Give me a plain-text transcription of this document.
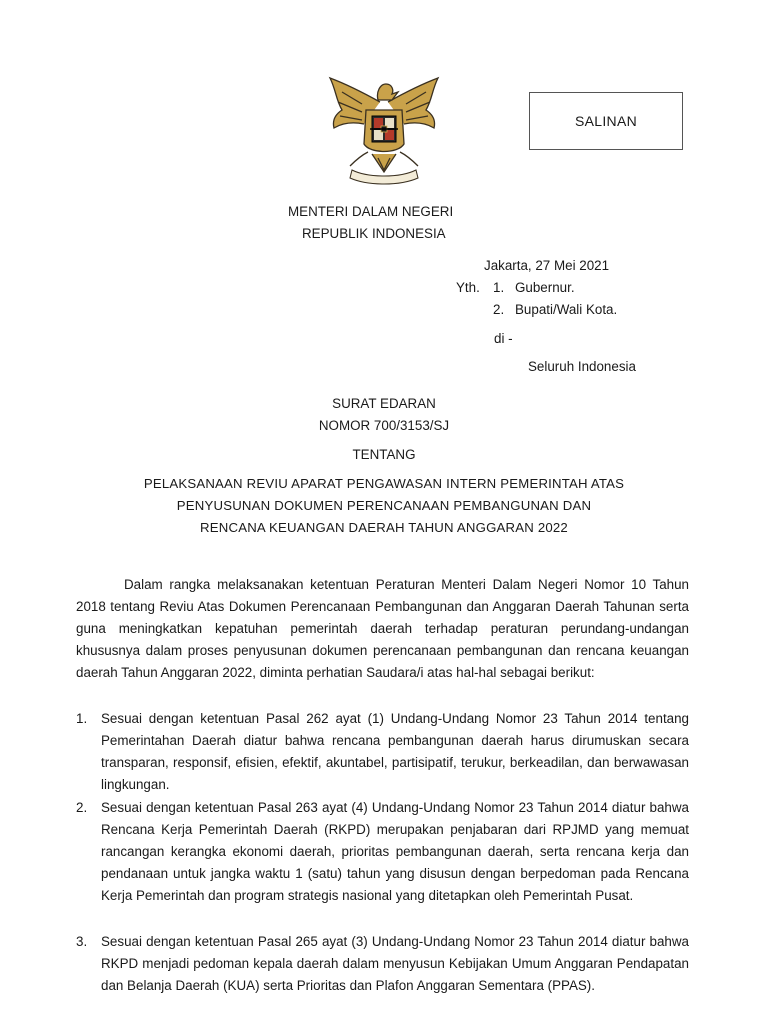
SALINAN
MENTERI DALAM NEGERI
REPUBLIK INDONESIA
Jakarta, 27 Mei 2021
Yth. 1. Gubernur.
2. Bupati/Wali Kota.
di -
Seluruh Indonesia
SURAT EDARAN
NOMOR 700/3153/SJ
TENTANG
PELAKSANAAN REVIU APARAT PENGAWASAN INTERN PEMERINTAH ATAS
PENYUSUNAN DOKUMEN PERENCANAAN PEMBANGUNAN DAN
RENCANA KEUANGAN DAERAH TAHUN ANGGARAN 2022
Dalam rangka melaksanakan ketentuan Peraturan Menteri Dalam Negeri Nomor 10 Tahun 2018 tentang Reviu Atas Dokumen Perencanaan Pembangunan dan Anggaran Daerah Tahunan serta guna meningkatkan kepatuhan pemerintah daerah terhadap peraturan perundang-undangan khususnya dalam proses penyusunan dokumen perencanaan pembangunan dan rencana keuangan daerah Tahun Anggaran 2022, diminta perhatian Saudara/i atas hal-hal sebagai berikut:
1.	Sesuai dengan ketentuan Pasal 262 ayat (1) Undang-Undang Nomor 23 Tahun 2014 tentang Pemerintahan Daerah diatur bahwa rencana pembangunan daerah harus dirumuskan secara transparan, responsif, efisien, efektif, akuntabel, partisipatif, terukur, berkeadilan, dan berwawasan lingkungan.
2.	Sesuai dengan ketentuan Pasal 263 ayat (4) Undang-Undang Nomor 23 Tahun 2014 diatur bahwa Rencana Kerja Pemerintah Daerah (RKPD) merupakan penjabaran dari RPJMD yang memuat rancangan kerangka ekonomi daerah, prioritas pembangunan daerah, serta rencana kerja dan pendanaan untuk jangka waktu 1 (satu) tahun yang disusun dengan berpedoman pada Rencana Kerja Pemerintah dan program strategis nasional yang ditetapkan oleh Pemerintah Pusat.
3.	Sesuai dengan ketentuan Pasal 265 ayat (3) Undang-Undang Nomor 23 Tahun 2014 diatur bahwa RKPD menjadi pedoman kepala daerah dalam menyusun Kebijakan Umum Anggaran Pendapatan dan Belanja Daerah (KUA) serta Prioritas dan Plafon Anggaran Sementara (PPAS).
